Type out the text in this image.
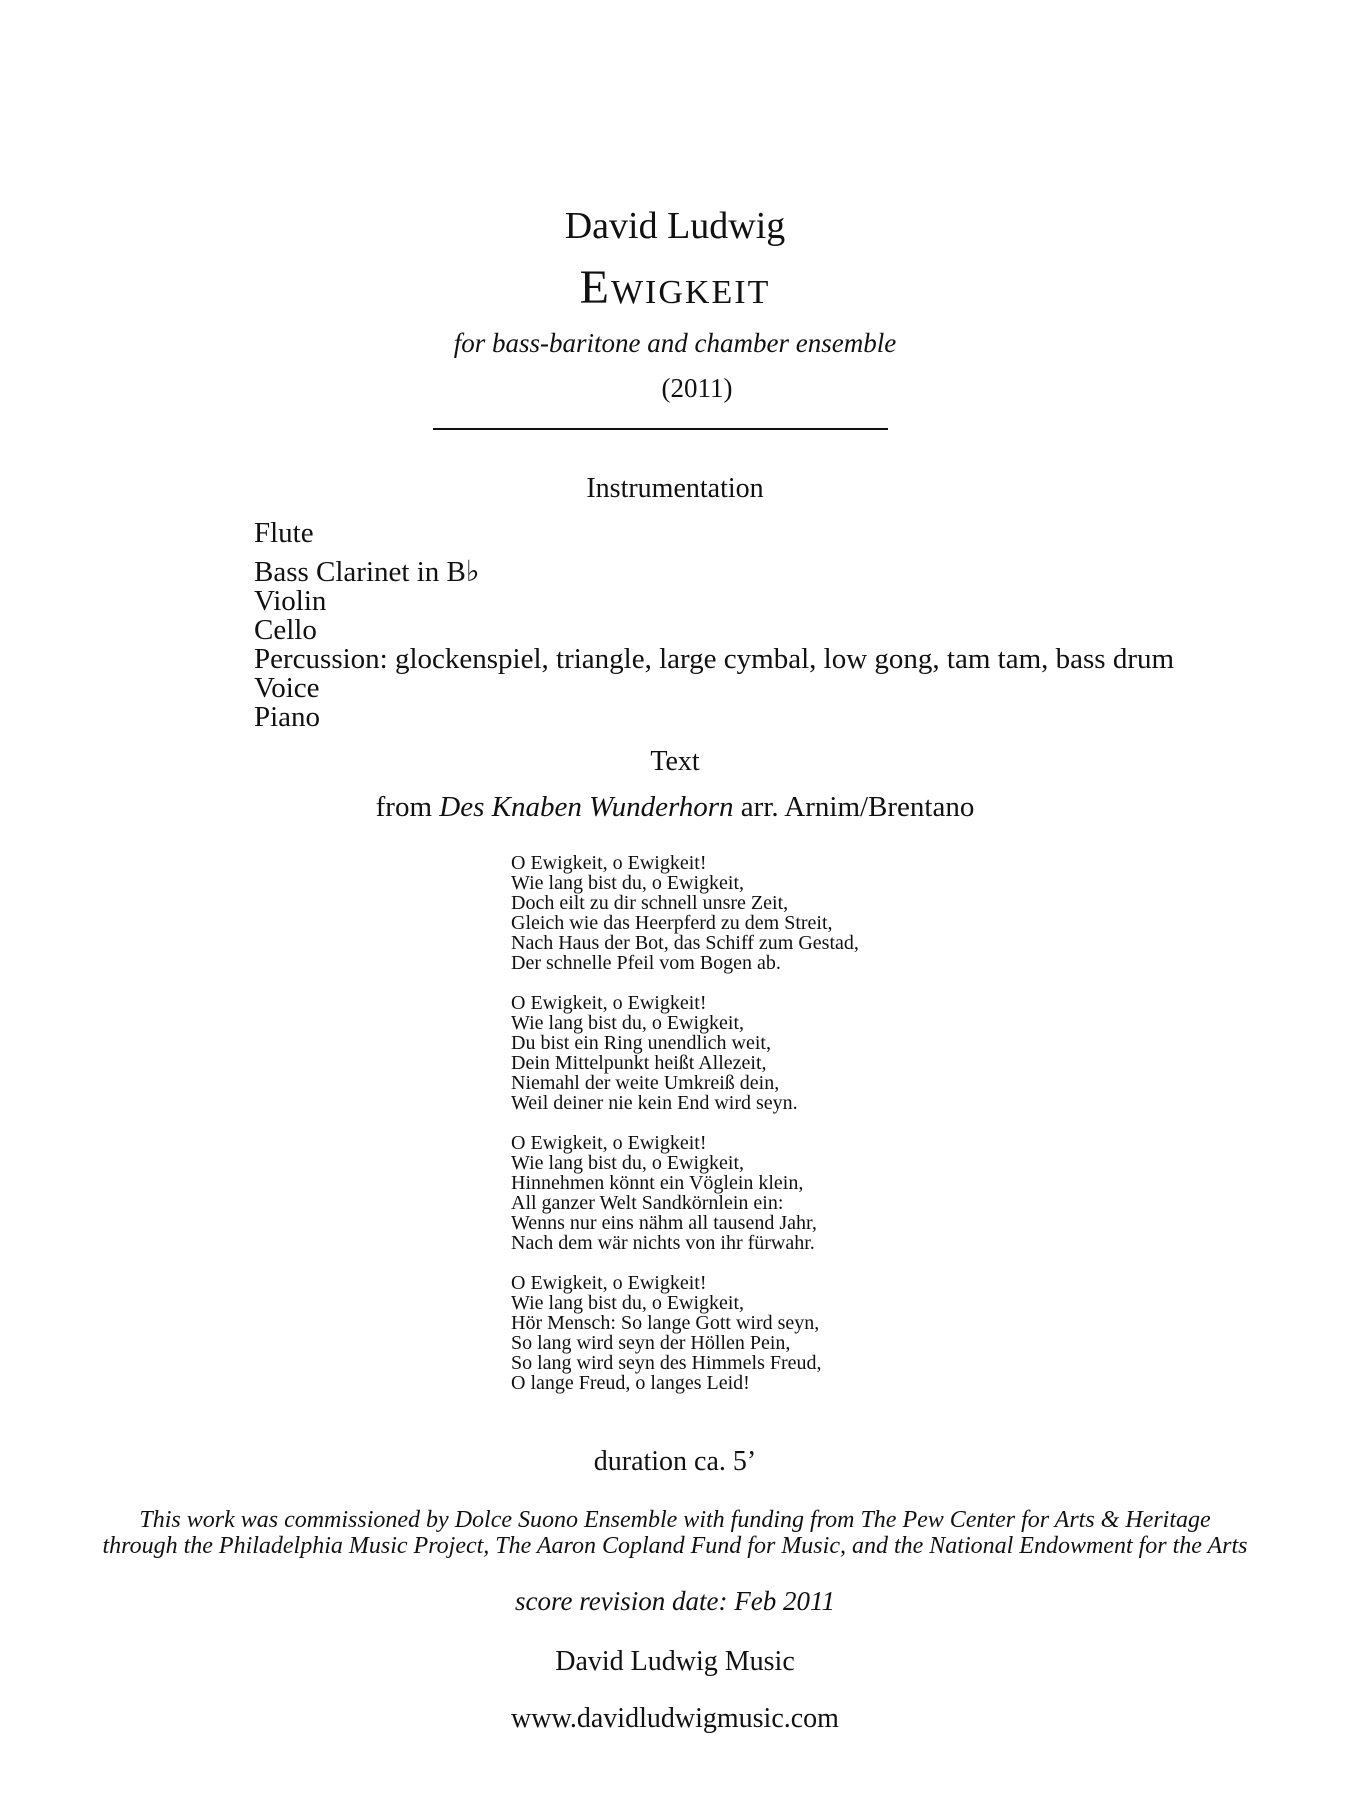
David Ludwig
Ewigkeit
for bass-baritone and chamber ensemble
(2011)
Instrumentation
Flute
Bass Clarinet in B♭
Violin
Cello
Percussion: glockenspiel, triangle, large cymbal, low gong, tam tam, bass drum
Voice
Piano
Text
from Des Knaben Wunderhorn arr. Arnim/Brentano
O Ewigkeit, o Ewigkeit!
Wie lang bist du, o Ewigkeit,
Doch eilt zu dir schnell unsre Zeit,
Gleich wie das Heerpferd zu dem Streit,
Nach Haus der Bot, das Schiff zum Gestad,
Der schnelle Pfeil vom Bogen ab.
O Ewigkeit, o Ewigkeit!
Wie lang bist du, o Ewigkeit,
Du bist ein Ring unendlich weit,
Dein Mittelpunkt heißt Allezeit,
Niemahl der weite Umkreiß dein,
Weil deiner nie kein End wird seyn.
O Ewigkeit, o Ewigkeit!
Wie lang bist du, o Ewigkeit,
Hinnehmen könnt ein Vöglein klein,
All ganzer Welt Sandkörnlein ein:
Wenns nur eins nähm all tausend Jahr,
Nach dem wär nichts von ihr fürwahr.
O Ewigkeit, o Ewigkeit!
Wie lang bist du, o Ewigkeit,
Hör Mensch: So lange Gott wird seyn,
So lang wird seyn der Höllen Pein,
So lang wird seyn des Himmels Freud,
O lange Freud, o langes Leid!
duration ca. 5’
This work was commissioned by Dolce Suono Ensemble with funding from The Pew Center for Arts & Heritage
through the Philadelphia Music Project, The Aaron Copland Fund for Music, and the National Endowment for the Arts
score revision date: Feb 2011
David Ludwig Music
www.davidludwigmusic.com
